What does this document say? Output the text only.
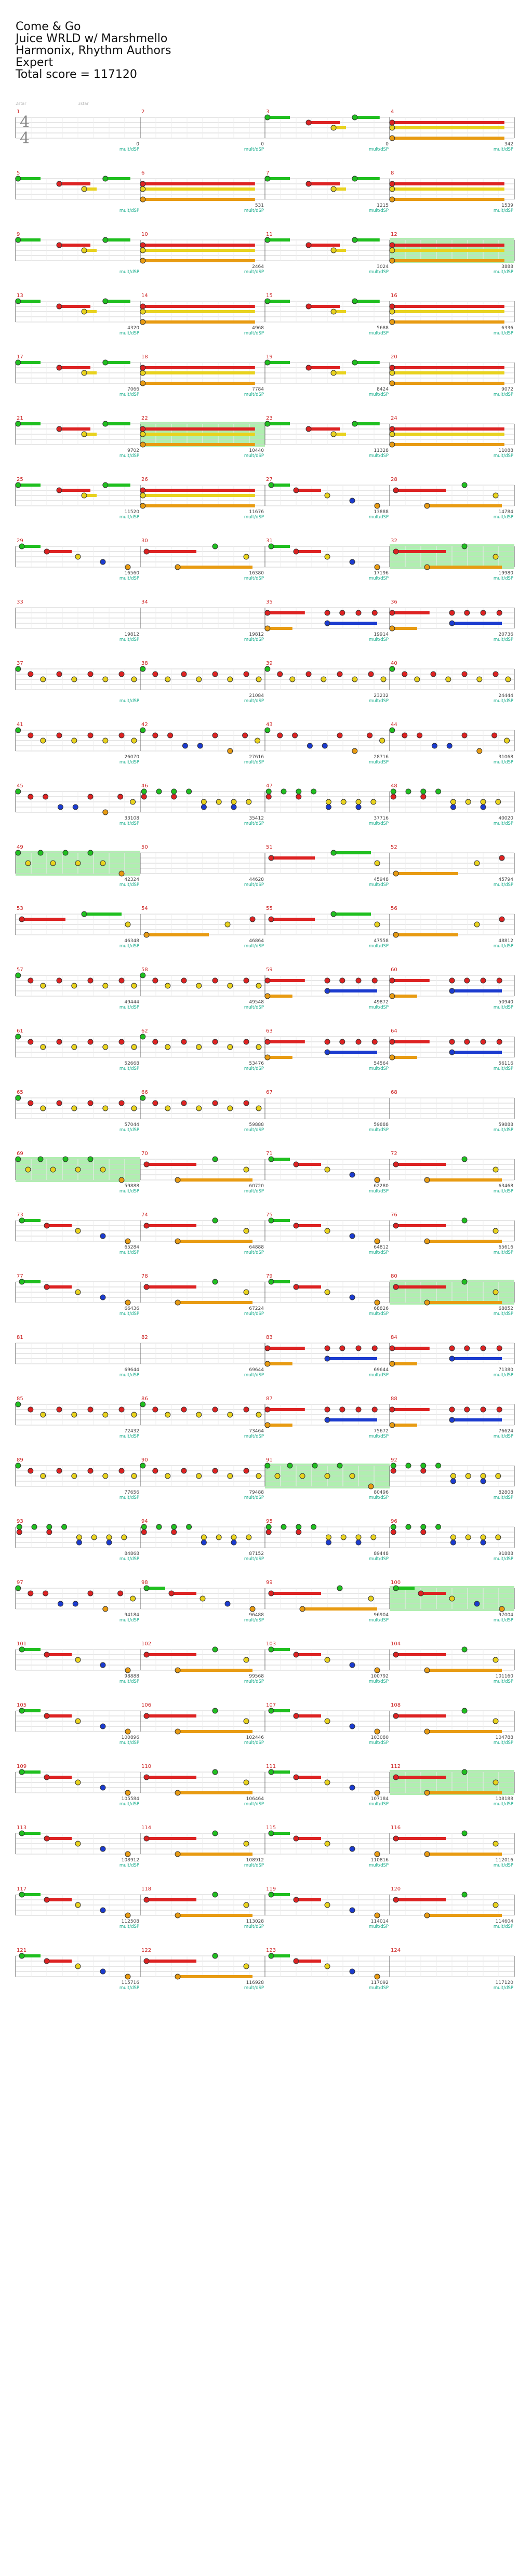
Come & Go
Juice WRLD w/ Marshmello
Harmonix, Rhythm Authors
Expert
Total score = 117120
1
4
4	0
mult/dSP
2
0
mult/dSP
3
0
mult/dSP
4
342
mult/dSP
5
mult/dSP
6
531
mult/dSP
7
1215
mult/dSP
8
1539
mult/dSP
9
mult/dSP
10
2464
mult/dSP
11
3024
mult/dSP
12
3888
mult/dSP
13
4320
mult/dSP
14
4968
mult/dSP
15
5688
mult/dSP
16
6336
mult/dSP
17
7066
mult/dSP
18
7784
mult/dSP
19
8424
mult/dSP
20
9072
mult/dSP
21
9702
mult/dSP
22
10440
mult/dSP
23
11328
mult/dSP
24
11088
mult/dSP
25
11520
mult/dSP
26
11676
mult/dSP
27
13888
mult/dSP
28
14784
mult/dSP
29
16560
mult/dSP
30
16380
mult/dSP
31
17196
mult/dSP
32
19980
mult/dSP
33
19812
mult/dSP
34
19812
mult/dSP
35
19914
mult/dSP
36
20736
mult/dSP
37
mult/dSP
38
21084
mult/dSP
39
23232
mult/dSP
40
24444
mult/dSP
41
26070
mult/dSP
42
27616
mult/dSP
43
28716
mult/dSP
44
31068
mult/dSP
45
33108
mult/dSP
46
35412
mult/dSP
47
37716
mult/dSP
48
40020
mult/dSP
49
42324
mult/dSP
50
44628
mult/dSP
51
45948
mult/dSP
52
45794
mult/dSP
53
46348
mult/dSP
54
46864
mult/dSP
55
47558
mult/dSP
56
48812
mult/dSP
57
49444
mult/dSP
58
49548
mult/dSP
59
49872
mult/dSP
60
50940
mult/dSP
61
52668
mult/dSP
62
53476
mult/dSP
63
54564
mult/dSP
64
56116
mult/dSP
65
57044
mult/dSP
66
59888
mult/dSP
67
59888
mult/dSP
68
59888
mult/dSP
69
59888
mult/dSP
70
60720
mult/dSP
71
62280
mult/dSP
72
63468
mult/dSP
73
65284
mult/dSP
74
64888
mult/dSP
75
64812
mult/dSP
76
65616
mult/dSP
77
66436
mult/dSP
78
67224
mult/dSP
79
68826
mult/dSP
80
68852
mult/dSP
81
69644
mult/dSP
82
69644
mult/dSP
83
69644
mult/dSP
84
71380
mult/dSP
85
72432
mult/dSP
86
73464
mult/dSP
87
75672
mult/dSP
88
76624
mult/dSP
89
77656
mult/dSP
90
79488
mult/dSP
91
80496
mult/dSP
92
82808
mult/dSP
93
84868
mult/dSP
94
87152
mult/dSP
95
89448
mult/dSP
96
91888
mult/dSP
97
94184
mult/dSP
98
96488
mult/dSP
99
96904
mult/dSP
100
97004
mult/dSP
101
98888
mult/dSP
102
99568
mult/dSP
103
100792
mult/dSP
104
101160
mult/dSP
105
100896
mult/dSP
106
102446
mult/dSP
107
103080
mult/dSP
108
104788
mult/dSP
109
105584
mult/dSP
110
106464
mult/dSP
111
107184
mult/dSP
112
108188
mult/dSP
113
108912
mult/dSP
114
108912
mult/dSP
115
110816
mult/dSP
116
112016
mult/dSP
117
112508
mult/dSP
118
113028
mult/dSP
119
114014
mult/dSP
120
114604
mult/dSP
121
115716
mult/dSP
122
116928
mult/dSP
123
117092
mult/dSP
124
117120
mult/dSP
2star	3star
